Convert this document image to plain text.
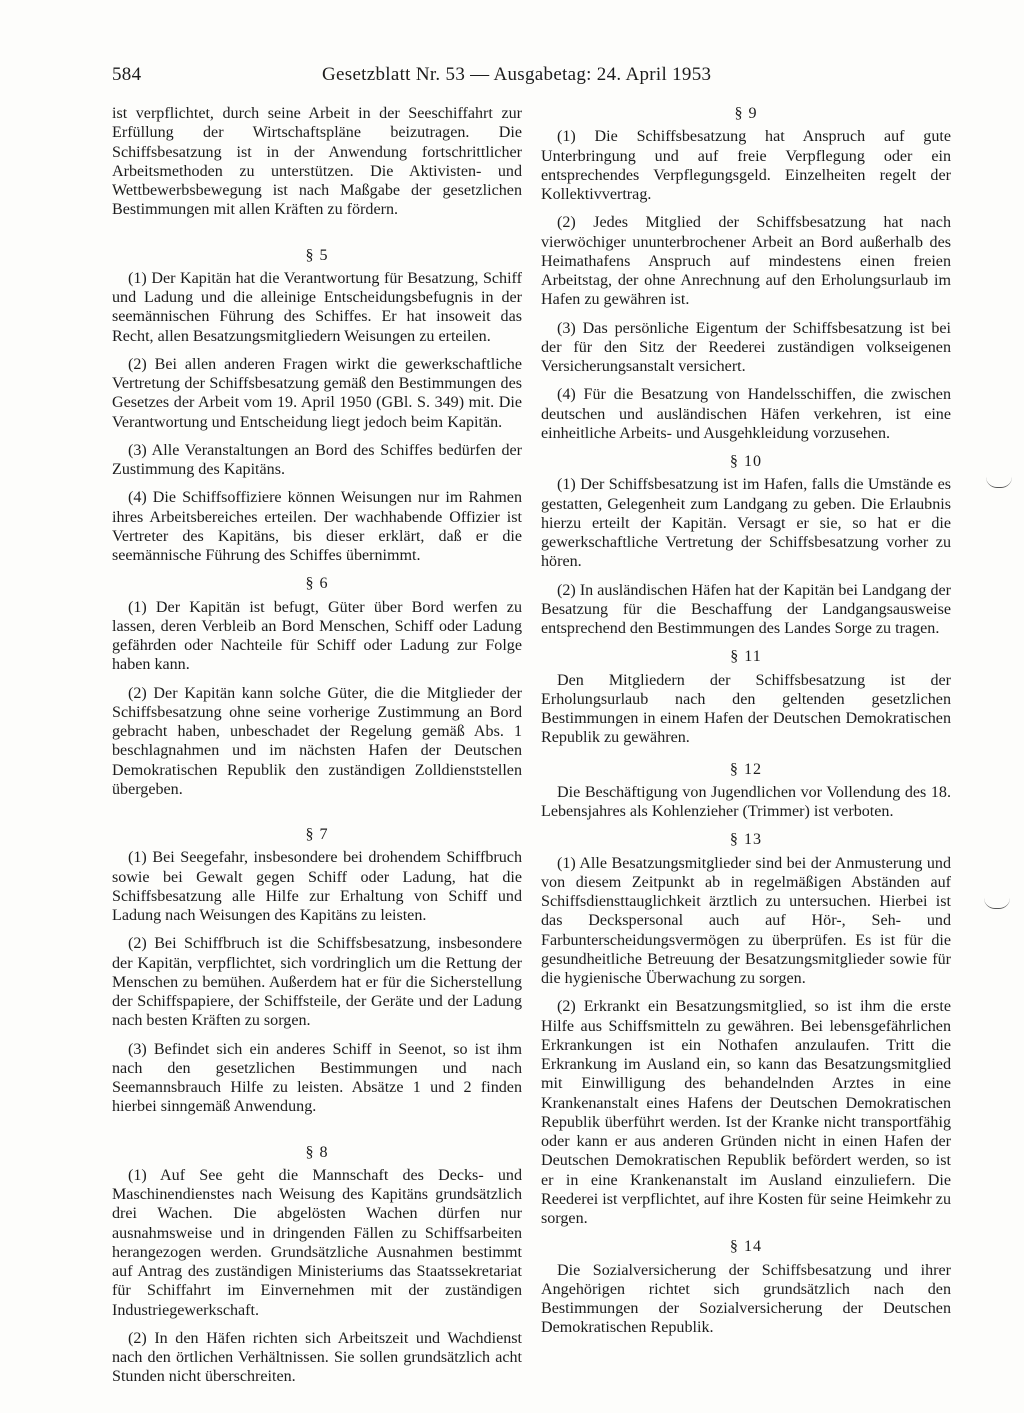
584	Gesetzblatt Nr. 53 — Ausgabetag: 24. April 1953

ist verpflichtet, durch seine Arbeit in der Seeschiffahrt zur Erfüllung der Wirtschaftspläne beizutragen. Die Schiffsbesatzung ist in der Anwendung fortschrittlicher Arbeitsmethoden zu unterstützen. Die Aktivisten- und Wettbewerbsbewegung ist nach Maßgabe der gesetzlichen Bestimmungen mit allen Kräften zu fördern.

§ 5

(1) Der Kapitän hat die Verantwortung für Besatzung, Schiff und Ladung und die alleinige Entscheidungsbefugnis in der seemännischen Führung des Schiffes. Er hat insoweit das Recht, allen Besatzungsmitgliedern Weisungen zu erteilen.

(2) Bei allen anderen Fragen wirkt die gewerkschaftliche Vertretung der Schiffsbesatzung gemäß den Bestimmungen des Gesetzes der Arbeit vom 19. April 1950 (GBl. S. 349) mit. Die Verantwortung und Entscheidung liegt jedoch beim Kapitän.

(3) Alle Veranstaltungen an Bord des Schiffes bedürfen der Zustimmung des Kapitäns.

(4) Die Schiffsoffiziere können Weisungen nur im Rahmen ihres Arbeitsbereiches erteilen. Der wachhabende Offizier ist Vertreter des Kapitäns, bis dieser erklärt, daß er die seemännische Führung des Schiffes übernimmt.

§ 6

(1) Der Kapitän ist befugt, Güter über Bord werfen zu lassen, deren Verbleib an Bord Menschen, Schiff oder Ladung gefährden oder Nachteile für Schiff oder Ladung zur Folge haben kann.

(2) Der Kapitän kann solche Güter, die die Mitglieder der Schiffsbesatzung ohne seine vorherige Zustimmung an Bord gebracht haben, unbeschadet der Regelung gemäß Abs. 1 beschlagnahmen und im nächsten Hafen der Deutschen Demokratischen Republik den zuständigen Zolldienststellen übergeben.

§ 7

(1) Bei Seegefahr, insbesondere bei drohendem Schiffbruch sowie bei Gewalt gegen Schiff oder Ladung, hat die Schiffsbesatzung alle Hilfe zur Erhaltung von Schiff und Ladung nach Weisungen des Kapitäns zu leisten.

(2) Bei Schiffbruch ist die Schiffsbesatzung, insbesondere der Kapitän, verpflichtet, sich vordringlich um die Rettung der Menschen zu bemühen. Außerdem hat er für die Sicherstellung der Schiffspapiere, der Schiffsteile, der Geräte und der Ladung nach besten Kräften zu sorgen.

(3) Befindet sich ein anderes Schiff in Seenot, so ist ihm nach den gesetzlichen Bestimmungen und nach Seemannsbrauch Hilfe zu leisten. Absätze 1 und 2 finden hierbei sinngemäß Anwendung.

§ 8

(1) Auf See geht die Mannschaft des Decks- und Maschinendienstes nach Weisung des Kapitäns grundsätzlich drei Wachen. Die abgelösten Wachen dürfen nur ausnahmsweise und in dringenden Fällen zu Schiffsarbeiten herangezogen werden. Grundsätzliche Ausnahmen bestimmt auf Antrag des zuständigen Ministeriums das Staatssekretariat für Schiffahrt im Einvernehmen mit der zuständigen Industriegewerkschaft.

(2) In den Häfen richten sich Arbeitszeit und Wachdienst nach den örtlichen Verhältnissen. Sie sollen grundsätzlich acht Stunden nicht überschreiten.

§ 9

(1) Die Schiffsbesatzung hat Anspruch auf gute Unterbringung und auf freie Verpflegung oder ein entsprechendes Verpflegungsgeld. Einzelheiten regelt der Kollektivvertrag.

(2) Jedes Mitglied der Schiffsbesatzung hat nach vierwöchiger ununterbrochener Arbeit an Bord außerhalb des Heimathafens Anspruch auf mindestens einen freien Arbeitstag, der ohne Anrechnung auf den Erholungsurlaub im Hafen zu gewähren ist.

(3) Das persönliche Eigentum der Schiffsbesatzung ist bei der für den Sitz der Reederei zuständigen volkseigenen Versicherungsanstalt versichert.

(4) Für die Besatzung von Handelsschiffen, die zwischen deutschen und ausländischen Häfen verkehren, ist eine einheitliche Arbeits- und Ausgehkleidung vorzusehen.

§ 10

(1) Der Schiffsbesatzung ist im Hafen, falls die Umstände es gestatten, Gelegenheit zum Landgang zu geben. Die Erlaubnis hierzu erteilt der Kapitän. Versagt er sie, so hat er die gewerkschaftliche Vertretung der Schiffsbesatzung vorher zu hören.

(2) In ausländischen Häfen hat der Kapitän bei Landgang der Besatzung für die Beschaffung der Landgangsausweise entsprechend den Bestimmungen des Landes Sorge zu tragen.

§ 11

Den Mitgliedern der Schiffsbesatzung ist der Erholungsurlaub nach den geltenden gesetzlichen Bestimmungen in einem Hafen der Deutschen Demokratischen Republik zu gewähren.

§ 12

Die Beschäftigung von Jugendlichen vor Vollendung des 18. Lebensjahres als Kohlenzieher (Trimmer) ist verboten.

§ 13

(1) Alle Besatzungsmitglieder sind bei der Anmusterung und von diesem Zeitpunkt ab in regelmäßigen Abständen auf Schiffsdiensttauglichkeit ärztlich zu untersuchen. Hierbei ist das Deckspersonal auch auf Hör-, Seh- und Farbunterscheidungsvermögen zu überprüfen. Es ist für die gesundheitliche Betreuung der Besatzungsmitglieder sowie für die hygienische Überwachung zu sorgen.

(2) Erkrankt ein Besatzungsmitglied, so ist ihm die erste Hilfe aus Schiffsmitteln zu gewähren. Bei lebensgefährlichen Erkrankungen ist ein Nothafen anzulaufen. Tritt die Erkrankung im Ausland ein, so kann das Besatzungsmitglied mit Einwilligung des behandelnden Arztes in eine Krankenanstalt eines Hafens der Deutschen Demokratischen Republik überführt werden. Ist der Kranke nicht transportfähig oder kann er aus anderen Gründen nicht in einen Hafen der Deutschen Demokratischen Republik befördert werden, so ist er in eine Krankenanstalt im Ausland einzuliefern. Die Reederei ist verpflichtet, auf ihre Kosten für seine Heimkehr zu sorgen.

§ 14

Die Sozialversicherung der Schiffsbesatzung und ihrer Angehörigen richtet sich grundsätzlich nach den Bestimmungen der Sozialversicherung der Deutschen Demokratischen Republik.
